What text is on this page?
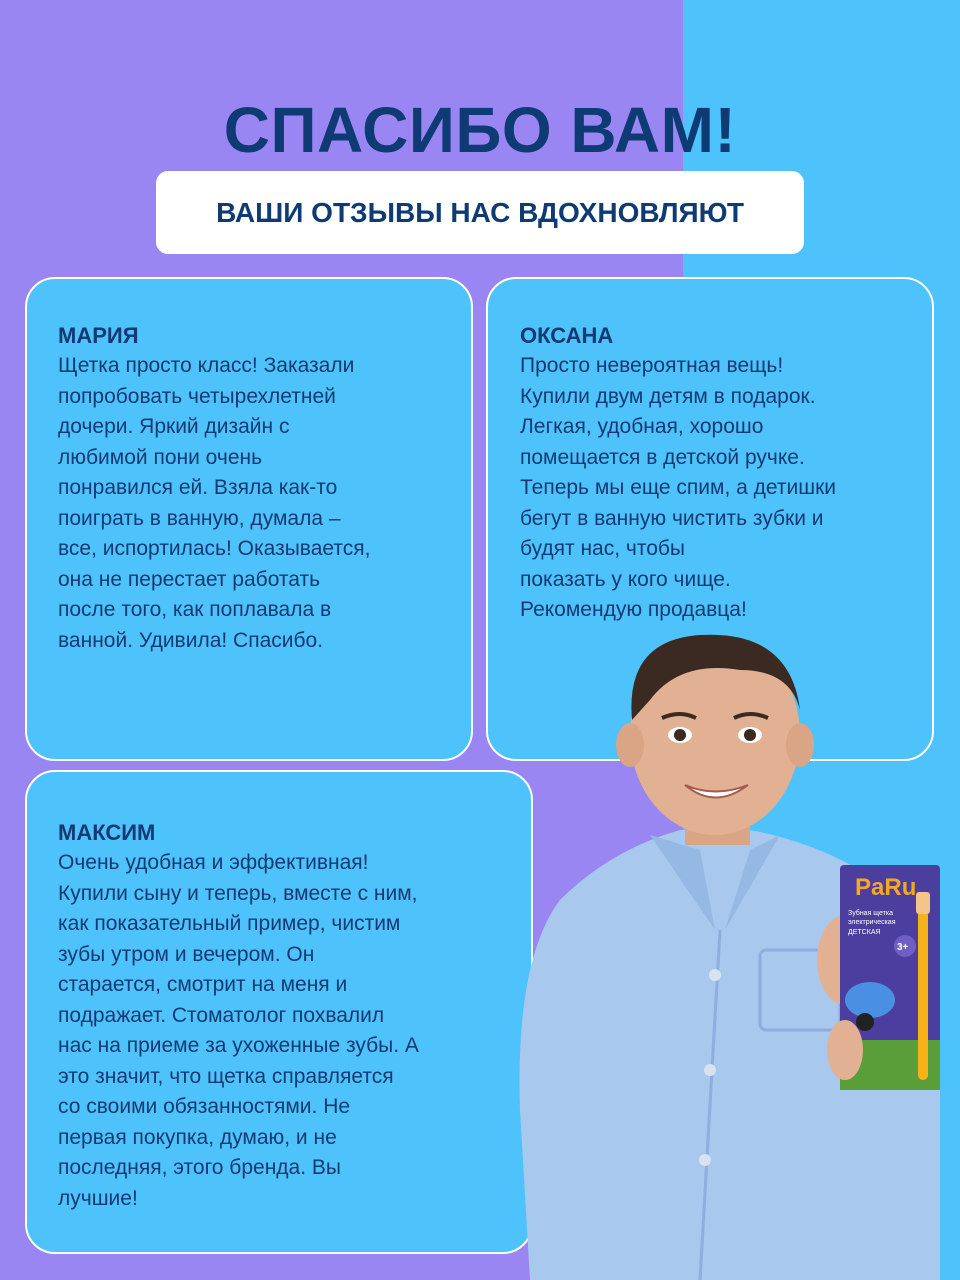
СПАСИБО ВАМ!
ВАШИ ОТЗЫВЫ НАС ВДОХНОВЛЯЮТ
МАРИЯ
Щетка просто класс! Заказали
попробовать четырехлетней
дочери. Яркий дизайн с
любимой пони очень
понравился ей. Взяла как-то
поиграть в ванную, думала –
все, испортилась! Оказывается,
она не перестает работать
после того, как поплавала в
ванной. Удивила! Спасибо.
ОКСАНА
Просто невероятная вещь!
Купили двум детям в подарок.
Легкая, удобная, хорошо
помещается в детской ручке.
Теперь мы еще спим, а детишки
бегут в ванную чистить зубки и
будят нас, чтобы
показать у кого чище.
Рекомендую продавца!
МАКСИМ
Очень удобная и эффективная!
Купили сыну и теперь, вместе с ним,
как показательный пример, чистим
зубы утром и вечером. Он
старается, смотрит на меня и
подражает. Стоматолог похвалил
нас на приеме за ухоженные зубы. А
это значит, что щетка справляется
со своими обязанностями. Не
первая покупка, думаю, и не
последняя, этого бренда. Вы
лучшие!
PaRu
Зубная щетка
электрическая
ДЕТСКАЯ
3+
